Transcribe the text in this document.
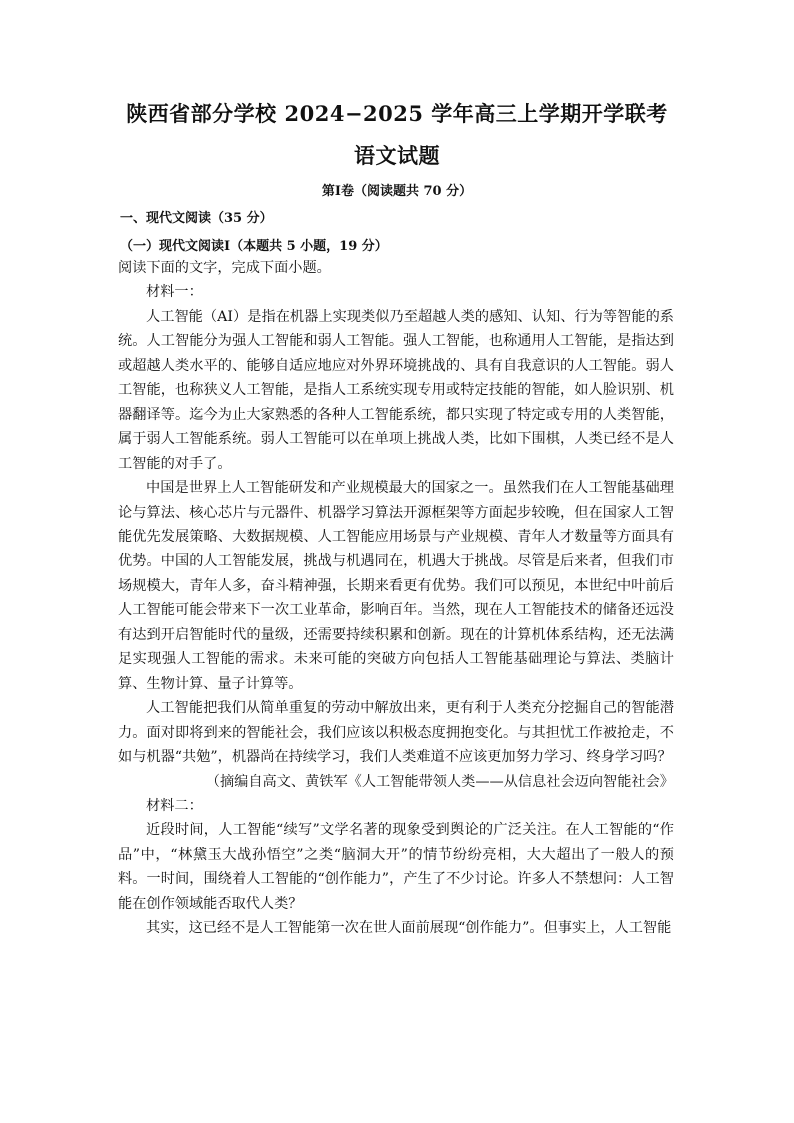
陕西省部分学校 2024−2025 学年高三上学期开学联考
语文试题
第Ⅰ卷（阅读题共 70 分）
一、现代文阅读（35 分）
（一）现代文阅读Ⅰ（本题共 5 小题，19 分）

阅读下面的文字，完成下面小题。

材料一：

人工智能（AI）是指在机器上实现类似乃至超越人类的感知、认知、行为等智能的系统。人工智能分为强人工智能和弱人工智能。强人工智能，也称通用人工智能，是指达到或超越人类水平的、能够自适应地应对外界环境挑战的、具有自我意识的人工智能。弱人工智能，也称狭义人工智能，是指人工系统实现专用或特定技能的智能，如人脸识别、机器翻译等。迄今为止大家熟悉的各种人工智能系统，都只实现了特定或专用的人类智能，属于弱人工智能系统。弱人工智能可以在单项上挑战人类，比如下围棋，人类已经不是人工智能的对手了。

中国是世界上人工智能研发和产业规模最大的国家之一。虽然我们在人工智能基础理论与算法、核心芯片与元器件、机器学习算法开源框架等方面起步较晚，但在国家人工智能优先发展策略、大数据规模、人工智能应用场景与产业规模、青年人才数量等方面具有优势。中国的人工智能发展，挑战与机遇同在，机遇大于挑战。尽管是后来者，但我们市场规模大，青年人多，奋斗精神强，长期来看更有优势。我们可以预见，本世纪中叶前后人工智能可能会带来下一次工业革命，影响百年。当然，现在人工智能技术的储备还远没有达到开启智能时代的量级，还需要持续积累和创新。现在的计算机体系结构，还无法满足实现强人工智能的需求。未来可能的突破方向包括人工智能基础理论与算法、类脑计算、生物计算、量子计算等。

人工智能把我们从简单重复的劳动中解放出来，更有利于人类充分挖掘自己的智能潜力。面对即将到来的智能社会，我们应该以积极态度拥抱变化。与其担忧工作被抢走，不如与机器“共勉”，机器尚在持续学习，我们人类难道不应该更加努力学习、终身学习吗？

（摘编自高文、黄铁军《人工智能带领人类——从信息社会迈向智能社会》

材料二：

近段时间，人工智能“续写”文学名著的现象受到舆论的广泛关注。在人工智能的“作品”中，“林黛玉大战孙悟空”之类“脑洞大开”的情节纷纷亮相，大大超出了一般人的预料。一时间，围绕着人工智能的“创作能力”，产生了不少讨论。许多人不禁想问：人工智能在创作领域能否取代人类？

其实，这已经不是人工智能第一次在世人面前展现“创作能力”。但事实上，人工智能
